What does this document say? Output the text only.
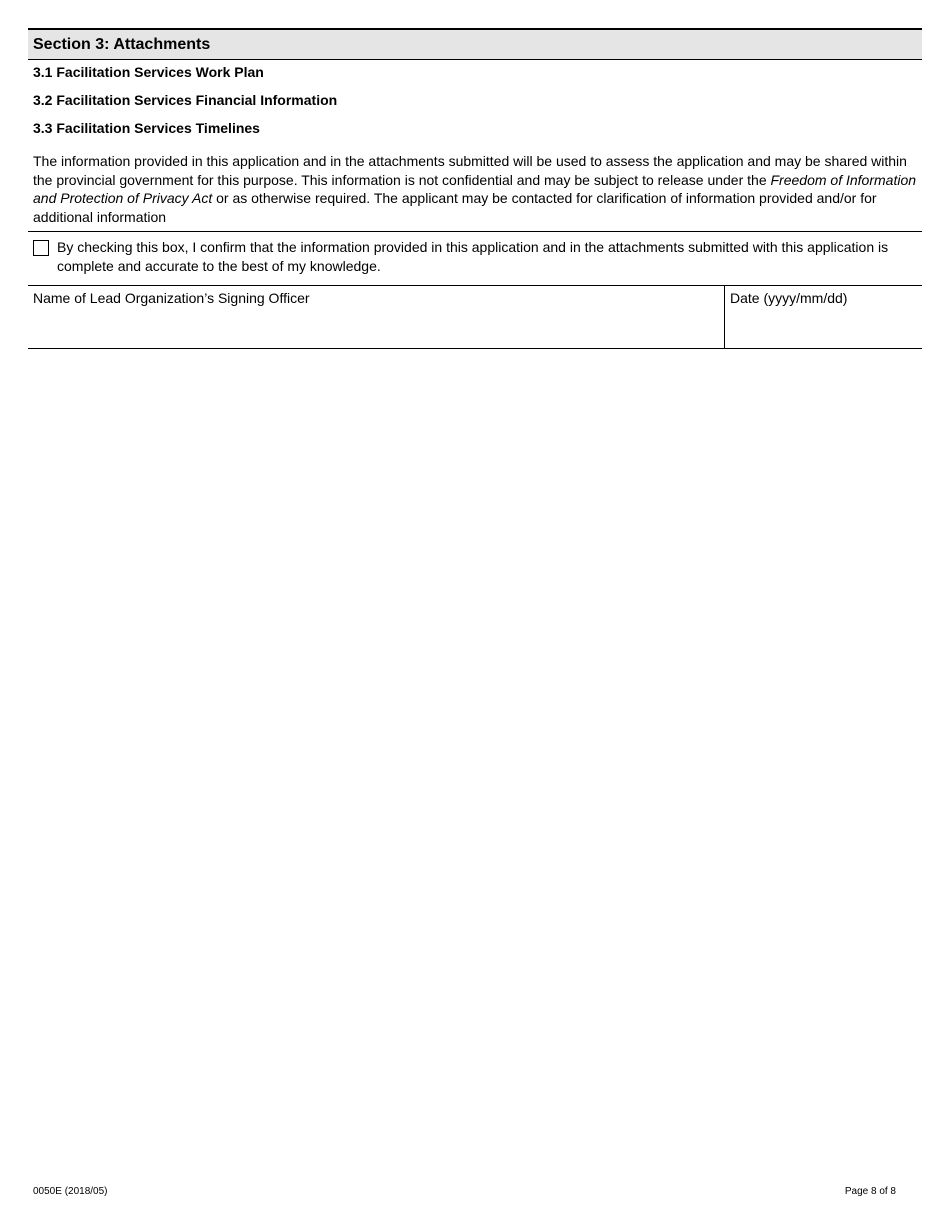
Section 3: Attachments
3.1 Facilitation Services Work Plan
3.2 Facilitation Services Financial Information
3.3 Facilitation Services Timelines
The information provided in this application and in the attachments submitted will be used to assess the application and may be shared within the provincial government for this purpose. This information is not confidential and may be subject to release under the Freedom of Information and Protection of Privacy Act or as otherwise required. The applicant may be contacted for clarification of information provided and/or for additional information
By checking this box, I confirm that the information provided in this application and in the attachments submitted with this application is complete and accurate to the best of my knowledge.
Name of Lead Organization’s Signing Officer	Date (yyyy/mm/dd)
0050E (2018/05)	Page 8 of 8
